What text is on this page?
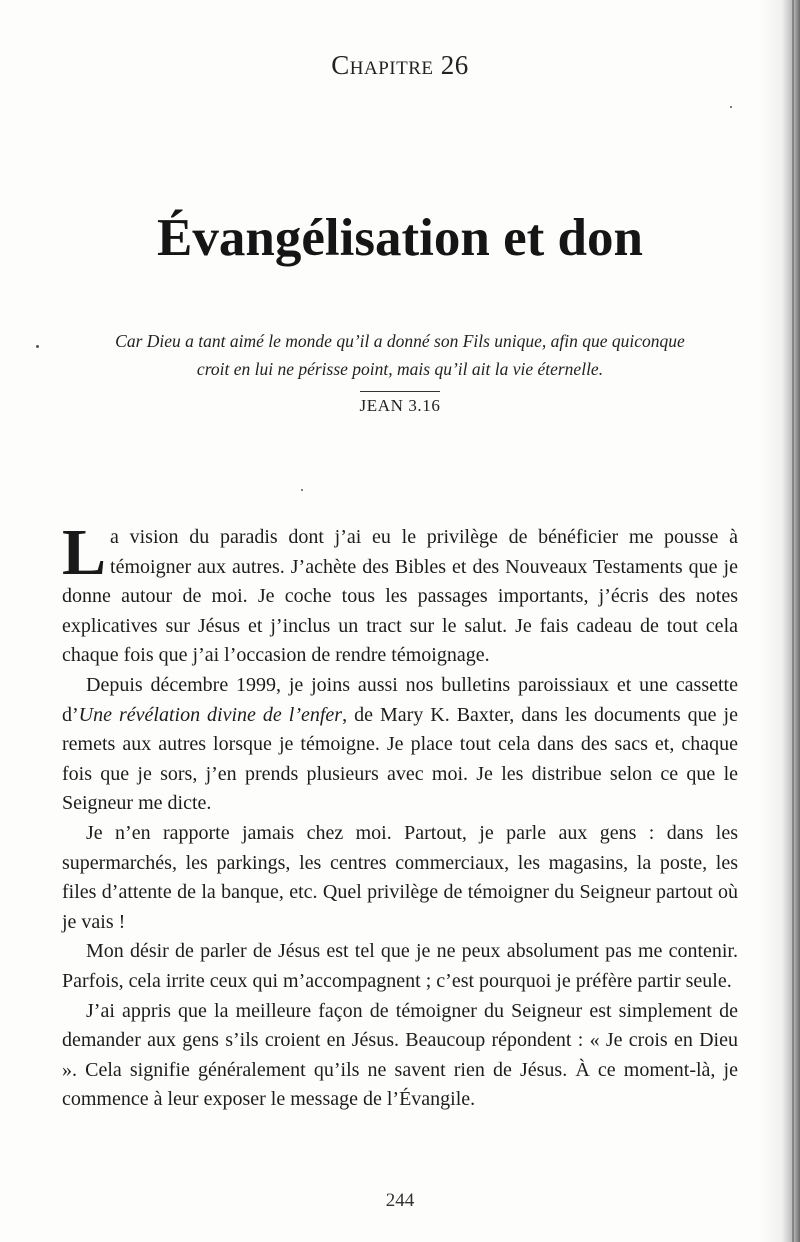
Chapitre 26
Évangélisation et don
Car Dieu a tant aimé le monde qu’il a donné son Fils unique, afin que quiconque croit en lui ne périsse point, mais qu’il ait la vie éternelle.
JEAN 3.16

La vision du paradis dont j’ai eu le privilège de bénéficier me pousse à témoigner aux autres. J’achète des Bibles et des Nouveaux Testaments que je donne autour de moi. Je coche tous les passages importants, j’écris des notes explicatives sur Jésus et j’inclus un tract sur le salut. Je fais cadeau de tout cela chaque fois que j’ai l’occasion de rendre témoignage.

Depuis décembre 1999, je joins aussi nos bulletins paroissiaux et une cassette d’Une révélation divine de l’enfer, de Mary K. Baxter, dans les documents que je remets aux autres lorsque je témoigne. Je place tout cela dans des sacs et, chaque fois que je sors, j’en prends plusieurs avec moi. Je les distribue selon ce que le Seigneur me dicte.

Je n’en rapporte jamais chez moi. Partout, je parle aux gens : dans les supermarchés, les parkings, les centres commerciaux, les magasins, la poste, les files d’attente de la banque, etc. Quel privilège de témoigner du Seigneur partout où je vais !

Mon désir de parler de Jésus est tel que je ne peux absolument pas me contenir. Parfois, cela irrite ceux qui m’accompagnent ; c’est pourquoi je préfère partir seule.

J’ai appris que la meilleure façon de témoigner du Seigneur est simplement de demander aux gens s’ils croient en Jésus. Beaucoup répondent : « Je crois en Dieu ». Cela signifie généralement qu’ils ne savent rien de Jésus. À ce moment-là, je commence à leur exposer le message de l’Évangile.

244
